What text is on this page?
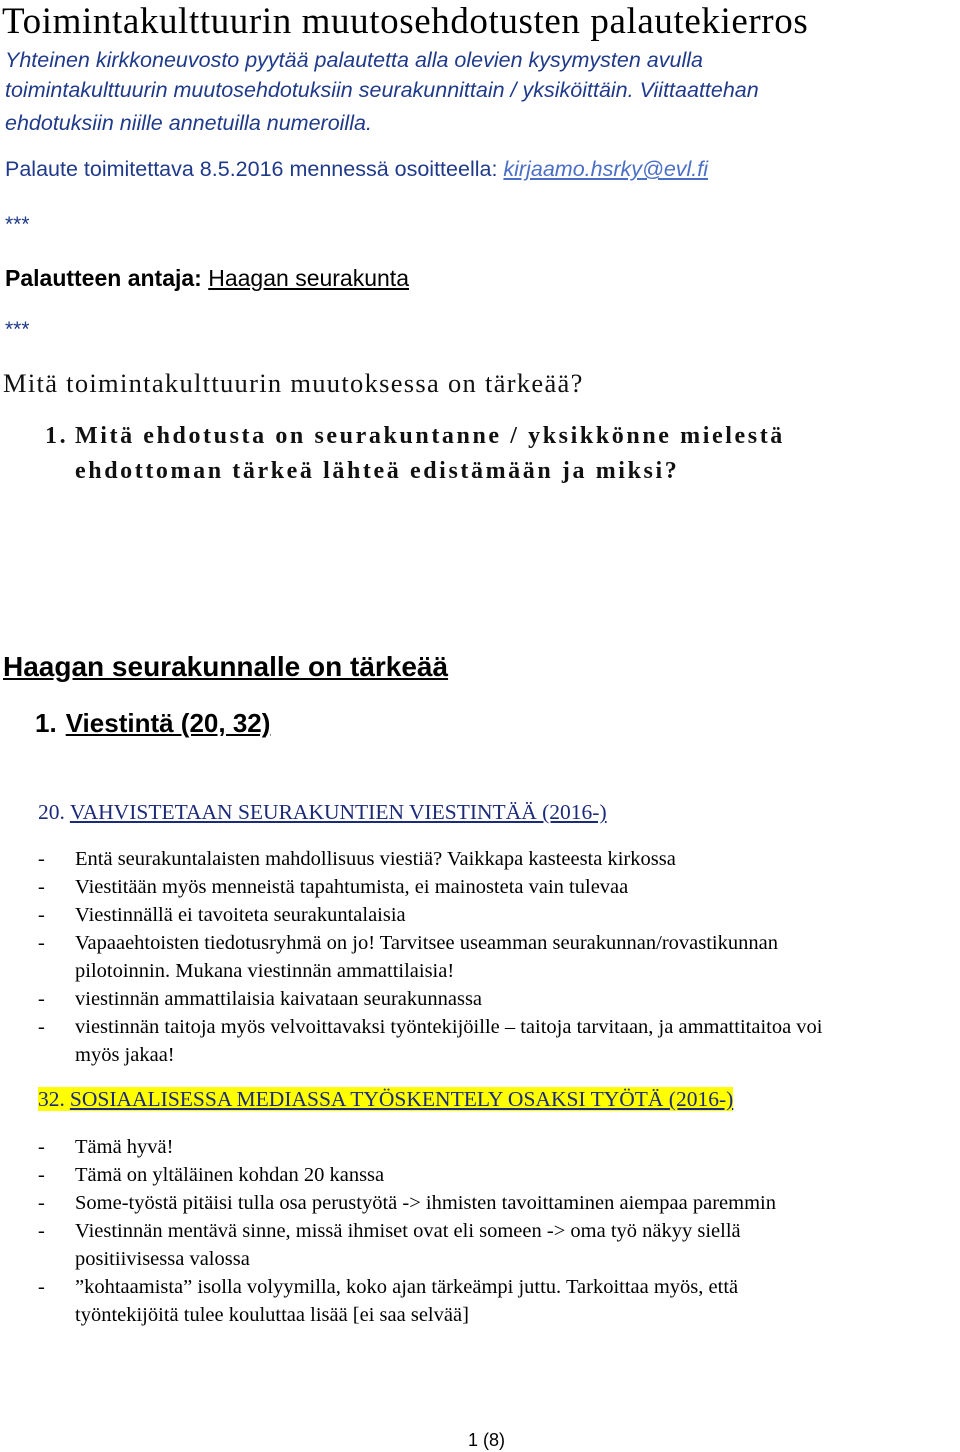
Toimintakulttuurin muutosehdotusten palautekierros
Yhteinen kirkkoneuvosto pyytää palautetta alla olevien kysymysten avulla
toimintakulttuurin muutosehdotuksiin seurakunnittain / yksiköittäin. Viittaattehan
ehdotuksiin niille annetuilla numeroilla.
Palaute toimitettava 8.5.2016 mennessä osoitteella: kirjaamo.hsrky@evl.fi
***
Palautteen antaja: Haagan seurakunta
***
Mitä toimintakulttuurin muutoksessa on tärkeää?
1. Mitä ehdotusta on seurakuntanne / yksikkönne mielestä
ehdottoman tärkeä lähteä edistämään ja miksi?
Haagan seurakunnalle on tärkeää
1. Viestintä (20, 32)
20. VAHVISTETAAN SEURAKUNTIEN VIESTINTÄÄ (2016-)
- Entä seurakuntalaisten mahdollisuus viestiä? Vaikkapa kasteesta kirkossa
- Viestitään myös menneistä tapahtumista, ei mainosteta vain tulevaa
- Viestinnällä ei tavoiteta seurakuntalaisia
- Vapaaehtoisten tiedotusryhmä on jo! Tarvitsee useamman seurakunnan/rovastikunnan
pilotoinnin. Mukana viestinnän ammattilaisia!
- viestinnän ammattilaisia kaivataan seurakunnassa
- viestinnän taitoja myös velvoittavaksi työntekijöille – taitoja tarvitaan, ja ammattitaitoa voi
myös jakaa!
32. SOSIAALISESSA MEDIASSA TYÖSKENTELY OSAKSI TYÖTÄ (2016-)
- Tämä hyvä!
- Tämä on yltäläinen kohdan 20 kanssa
- Some-työstä pitäisi tulla osa perustyötä -> ihmisten tavoittaminen aiempaa paremmin
- Viestinnän mentävä sinne, missä ihmiset ovat eli someen -> oma työ näkyy siellä
positiivisessa valossa
- ”kohtaamista” isolla volyymilla, koko ajan tärkeämpi juttu. Tarkoittaa myös, että
työntekijöitä tulee kouluttaa lisää [ei saa selvää]
1 (8)
